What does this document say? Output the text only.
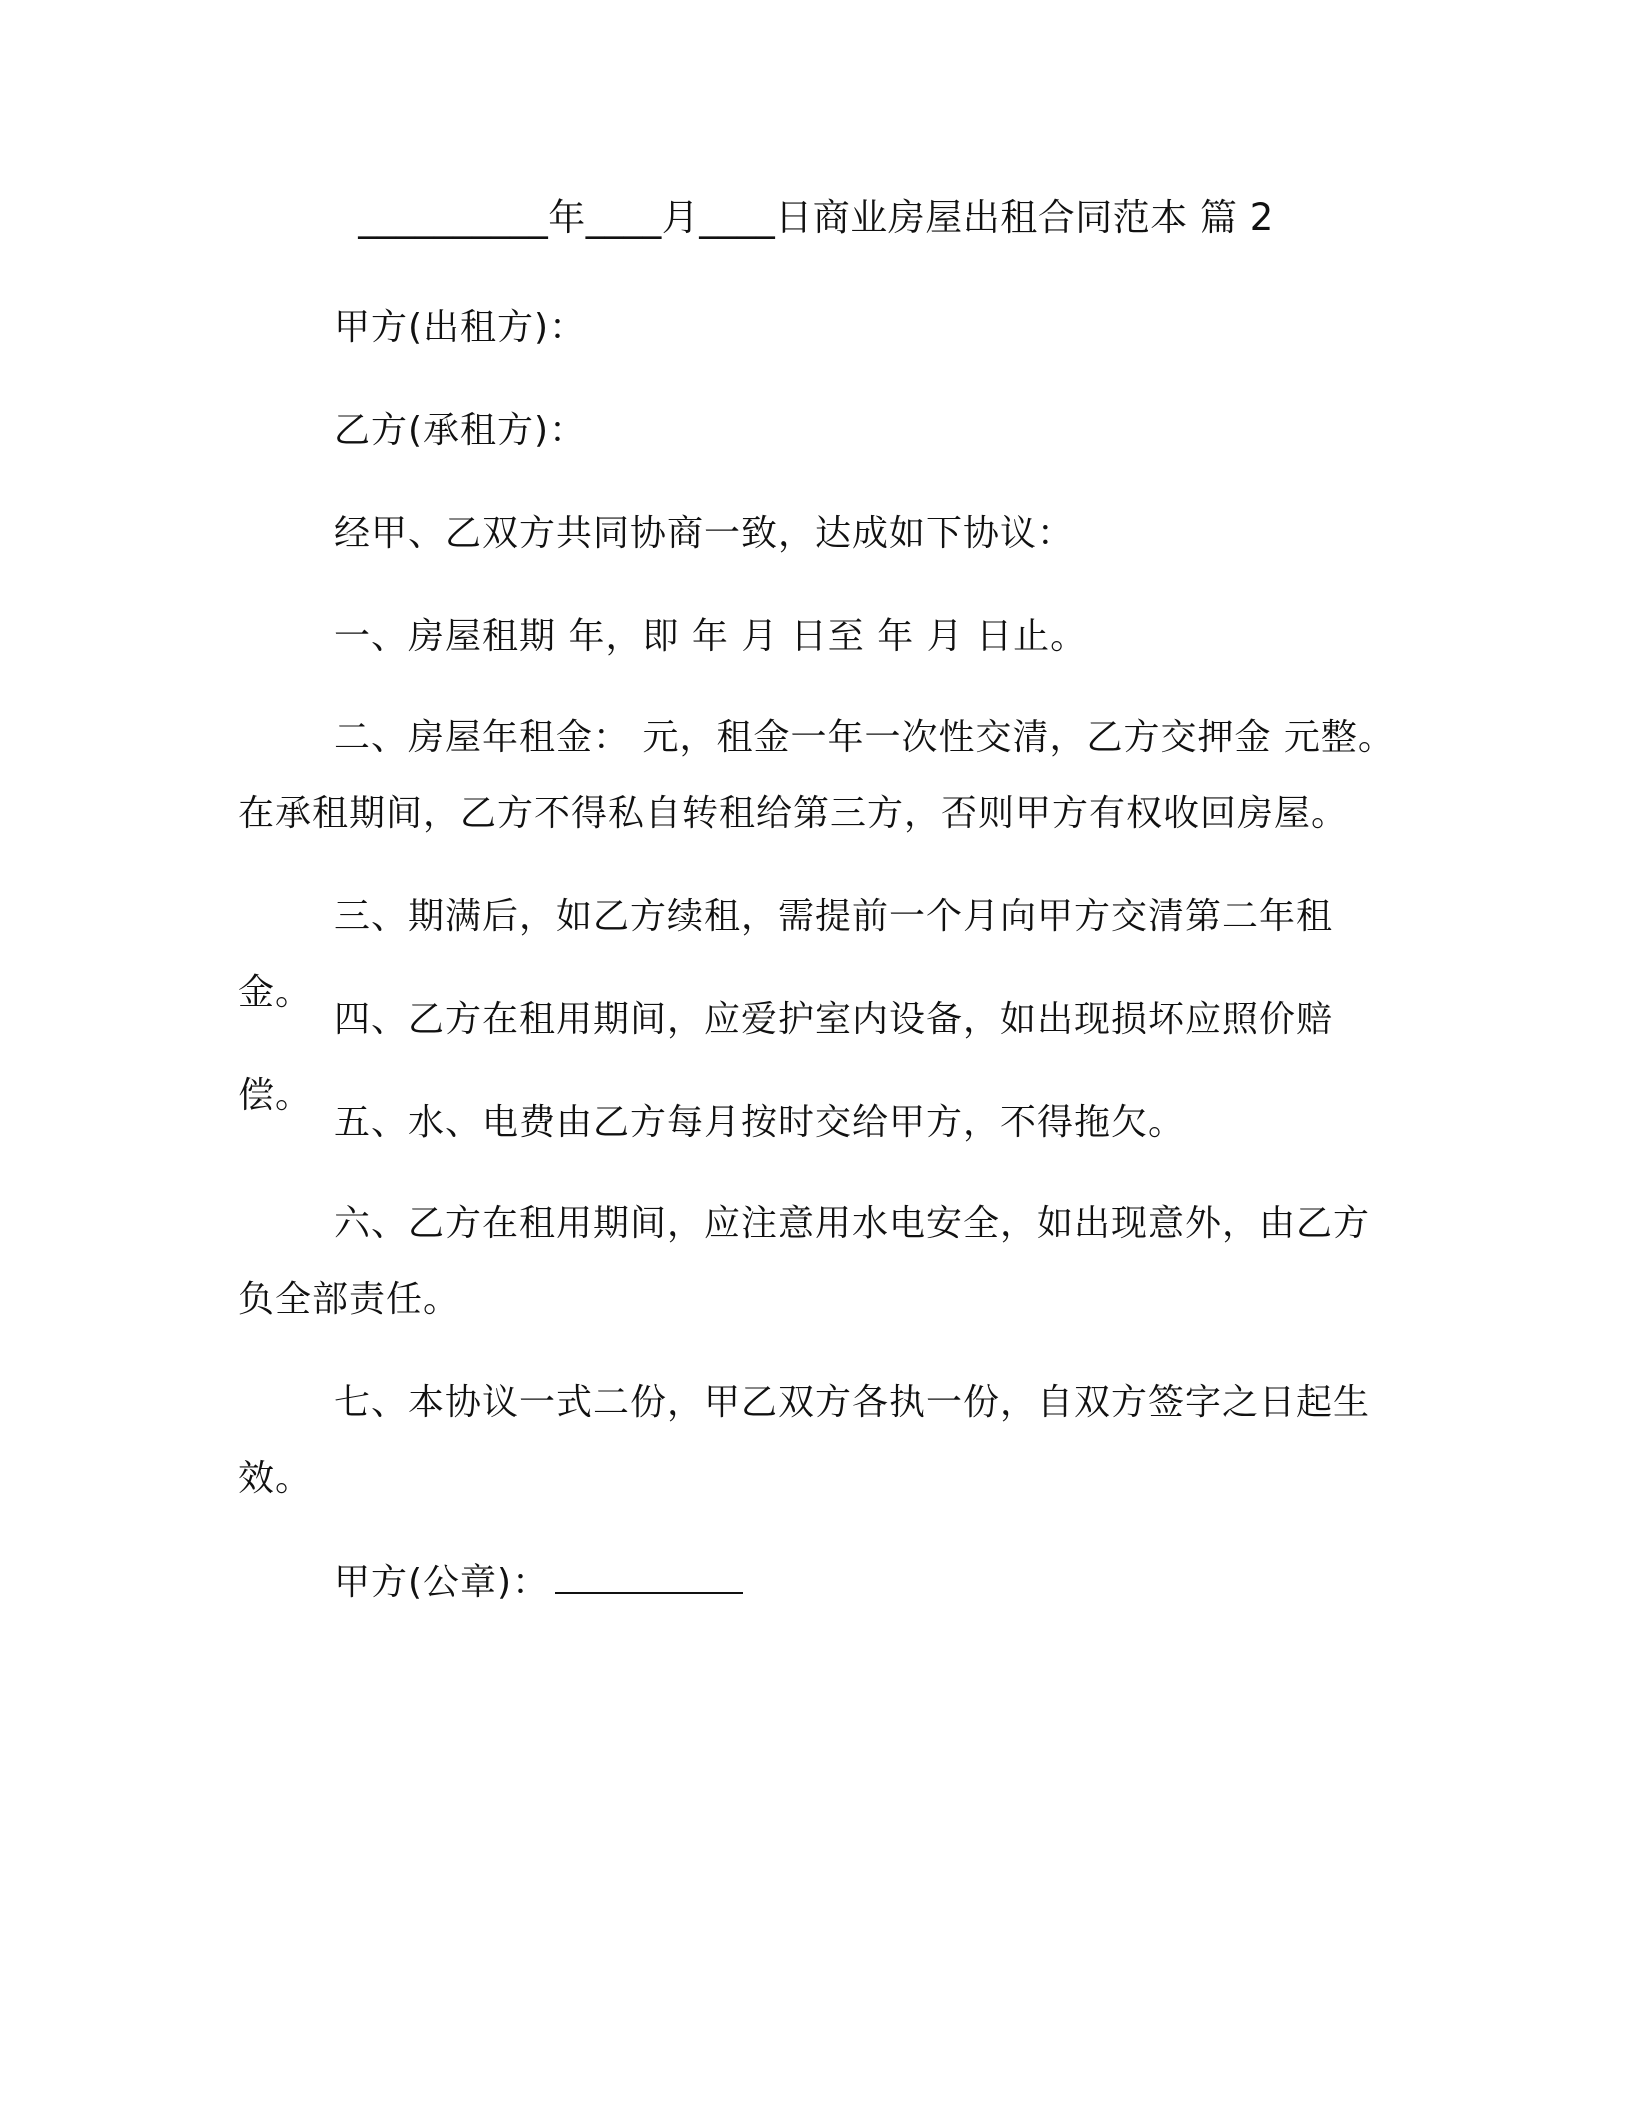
__________年____月____日商业房屋出租合同范本 篇 2

甲方(出租方)：

乙方(承租方)：

经甲、乙双方共同协商一致，达成如下协议：

一、房屋租期 年，即 年 月 日至 年 月 日止。

二、房屋年租金： 元，租金一年一次性交清，乙方交押金 元整。在承租期间，乙方不得私自转租给第三方，否则甲方有权收回房屋。

三、期满后，如乙方续租，需提前一个月向甲方交清第二年租金。

四、乙方在租用期间，应爱护室内设备，如出现损坏应照价赔偿。

五、水、电费由乙方每月按时交给甲方，不得拖欠。

六、乙方在租用期间，应注意用水电安全，如出现意外，由乙方负全部责任。

七、本协议一式二份，甲乙双方各执一份，自双方签字之日起生效。

甲方(公章)：
